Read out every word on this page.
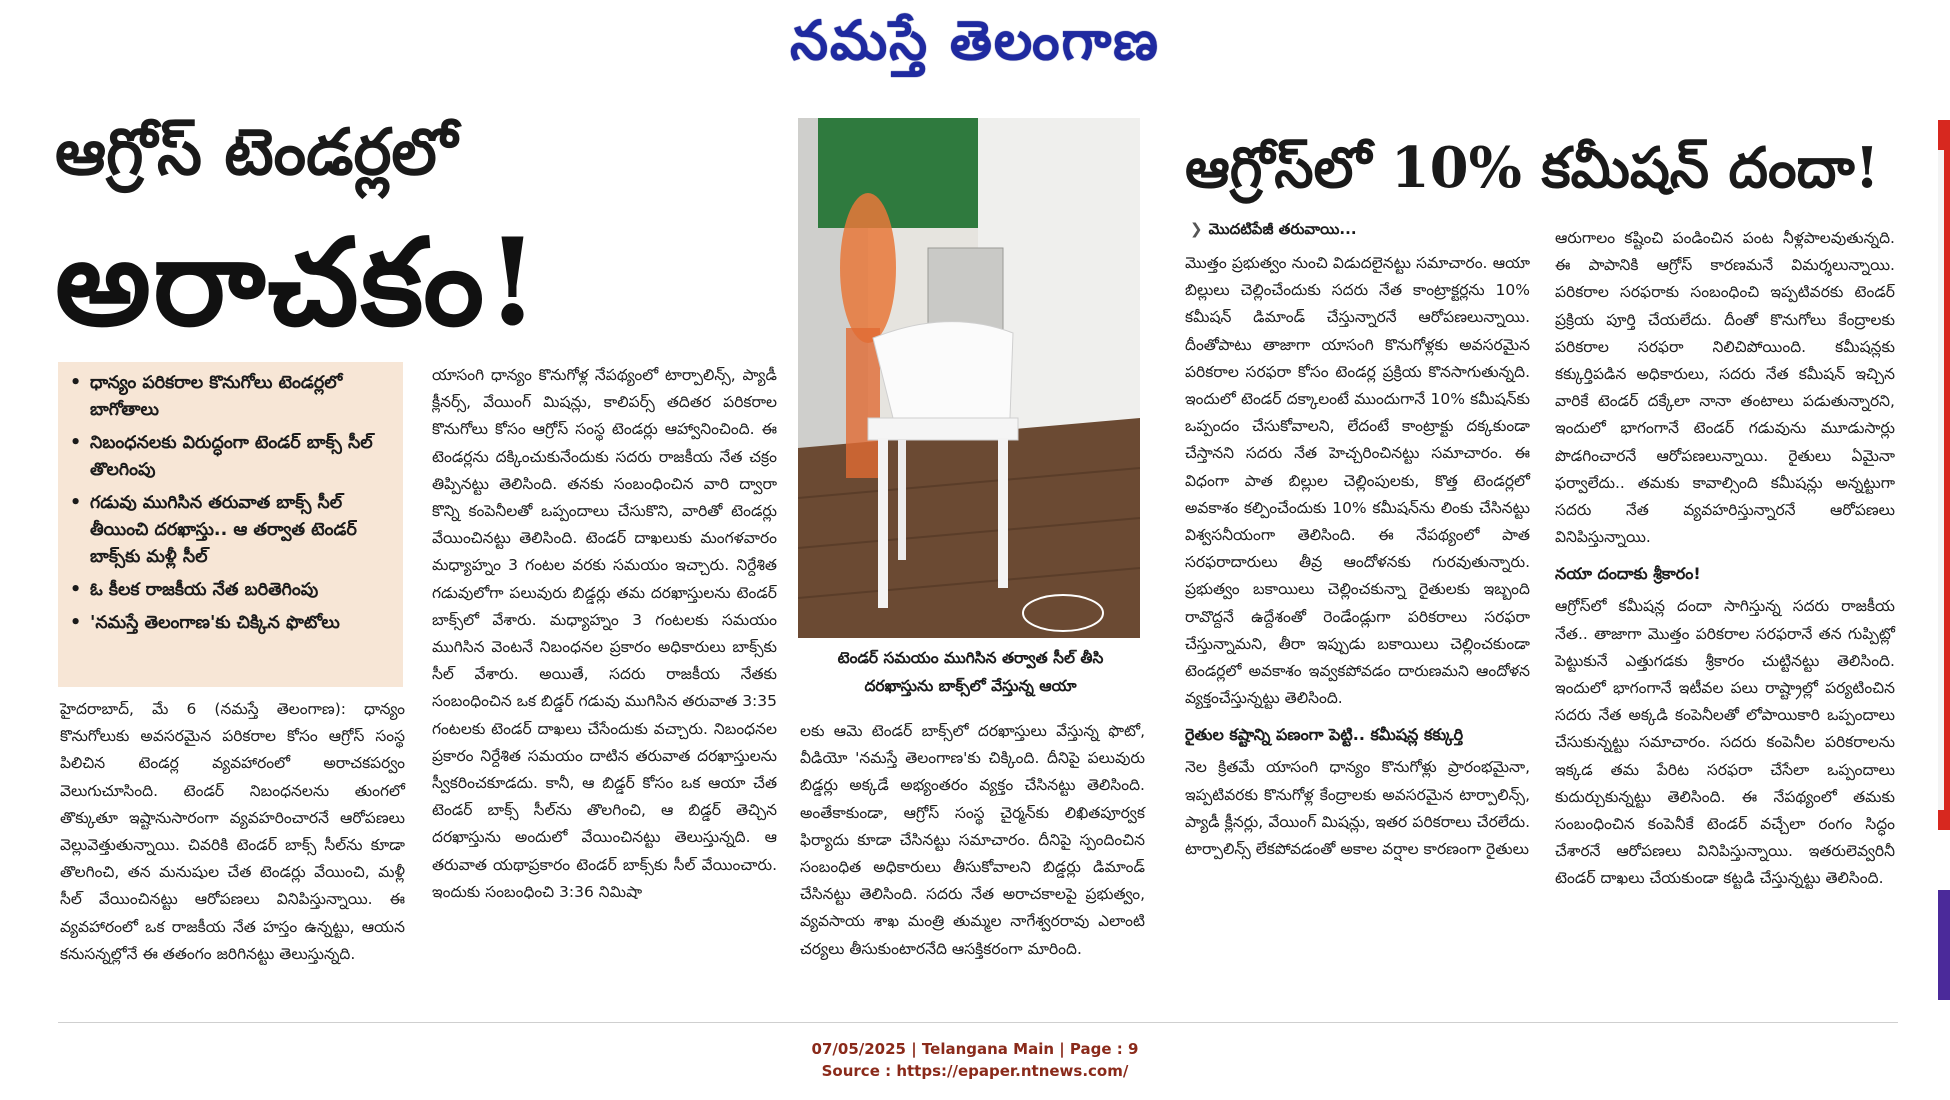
నమస్తే తెలంగాణ
ఆగ్రోస్ టెండర్లలో
అరాచకం!
• ధాన్యం పరికరాల కొనుగోలు టెండర్లలో బాగోతాలు
• నిబంధనలకు విరుద్ధంగా టెండర్ బాక్స్ సీల్ తొలగింపు
• గడువు ముగిసిన తరువాత బాక్స్ సీల్ తీయించి దరఖాస్తు.. ఆ తర్వాత టెండర్ బాక్స్‌కు మళ్లీ సీల్
• ఓ కీలక రాజకీయ నేత బరితెగింపు
• 'నమస్తే తెలంగాణ'కు చిక్కిన ఫొటోలు

హైదరాబాద్, మే 6 (నమస్తే తెలంగాణ): ధాన్యం కొనుగోలుకు అవసరమైన పరికరాల కోసం ఆగ్రోస్ సంస్థ పిలిచిన టెండర్ల వ్యవహారంలో అరాచకపర్వం వెలుగుచూసింది. టెండర్ నిబంధనలను తుంగలో తొక్కుతూ ఇష్టానుసారంగా వ్యవహరించారనే ఆరోపణలు వెల్లువెత్తుతున్నాయి. చివరికి టెండర్ బాక్స్ సీల్‌ను కూడా తొలగించి, తన మనుషుల చేత టెండర్లు వేయించి, మళ్లీ సీల్ వేయించినట్టు ఆరోపణలు వినిపిస్తున్నాయి. ఈ వ్యవహారంలో ఒక రాజకీయ నేత హస్తం ఉన్నట్టు, ఆయన కనుసన్నల్లోనే ఈ తతంగం జరిగినట్టు తెలుస్తున్నది.

యాసంగి ధాన్యం కొనుగోళ్ల నేపథ్యంలో టార్పాలిన్స్, ప్యాడీ క్లీనర్స్, వేయింగ్ మిషన్లు, కాలిపర్స్ తదితర పరికరాల కొనుగోలు కోసం ఆగ్రోస్ సంస్థ టెండర్లు ఆహ్వానించింది. ఈ టెండర్లను దక్కించుకునేందుకు సదరు రాజకీయ నేత చక్రం తిప్పినట్టు తెలిసింది. తనకు సంబంధించిన వారి ద్వారా కొన్ని కంపెనీలతో ఒప్పందాలు చేసుకొని, వారితో టెండర్లు వేయించినట్టు తెలిసింది. టెండర్ దాఖలుకు మంగళవారం మధ్యాహ్నం 3 గంటల వరకు సమయం ఇచ్చారు. నిర్దేశిత గడువులోగా పలువురు బిడ్డర్లు తమ దరఖాస్తులను టెండర్ బాక్స్‌లో వేశారు. మధ్యాహ్నం 3 గంటలకు సమయం ముగిసిన వెంటనే నిబంధనల ప్రకారం అధికారులు బాక్స్‌కు సీల్ వేశారు. అయితే, సదరు రాజకీయ నేతకు సంబంధించిన ఒక బిడ్డర్ గడువు ముగిసిన తరువాత 3:35 గంటలకు టెండర్ దాఖలు చేసేందుకు వచ్చారు. నిబంధనల ప్రకారం నిర్దేశిత సమయం దాటిన తరువాత దరఖాస్తులను స్వీకరించకూడదు. కానీ, ఆ బిడ్డర్ కోసం ఒక ఆయా చేత టెండర్ బాక్స్ సీల్‌ను తొలగించి, ఆ బిడ్డర్ తెచ్చిన దరఖాస్తును అందులో వేయించినట్టు తెలుస్తున్నది. ఆ తరువాత యథాప్రకారం టెండర్ బాక్స్‌కు సీల్ వేయించారు. ఇందుకు సంబంధించి 3:36 నిమిషా

టెండర్ సమయం ముగిసిన తర్వాత సీల్ తీసి దరఖాస్తును బాక్స్‌లో వేస్తున్న ఆయా

లకు ఆమె టెండర్ బాక్స్‌లో దరఖాస్తులు వేస్తున్న ఫొటో, వీడియో 'నమస్తే తెలంగాణ'కు చిక్కింది. దీనిపై పలువురు బిడ్డర్లు అక్కడే అభ్యంతరం వ్యక్తం చేసినట్టు తెలిసింది. అంతేకాకుండా, ఆగ్రోస్ సంస్థ చైర్మన్‌కు లిఖితపూర్వక ఫిర్యాదు కూడా చేసినట్టు సమాచారం. దీనిపై స్పందించిన సంబంధిత అధికారులు తీసుకోవాలని బిడ్డర్లు డిమాండ్ చేసినట్టు తెలిసింది. సదరు నేత అరాచకాలపై ప్రభుత్వం, వ్యవసాయ శాఖ మంత్రి తుమ్మల నాగేశ్వరరావు ఎలాంటి చర్యలు తీసుకుంటారనేది ఆసక్తికరంగా మారింది.

ఆగ్రోస్‌లో 10% కమీషన్ దందా!
❯ మొదటిపేజీ తరువాయి...

మొత్తం ప్రభుత్వం నుంచి విడుదలైనట్టు సమాచారం. ఆయా బిల్లులు చెల్లించేందుకు సదరు నేత కాంట్రాక్టర్లను 10% కమీషన్ డిమాండ్ చేస్తున్నారనే ఆరోపణలున్నాయి. దీంతోపాటు తాజాగా యాసంగి కొనుగోళ్లకు అవసరమైన పరికరాల సరఫరా కోసం టెండర్ల ప్రక్రియ కొనసాగుతున్నది. ఇందులో టెండర్ దక్కాలంటే ముందుగానే 10% కమీషన్‌కు ఒప్పందం చేసుకోవాలని, లేదంటే కాంట్రాక్టు దక్కకుండా చేస్తానని సదరు నేత హెచ్చరించినట్టు సమాచారం. ఈ విధంగా పాత బిల్లుల చెల్లింపులకు, కొత్త టెండర్లలో అవకాశం కల్పించేందుకు 10% కమీషన్‌ను లింకు చేసినట్టు విశ్వసనీయంగా తెలిసింది. ఈ నేపథ్యంలో పాత సరఫరాదారులు తీవ్ర ఆందోళనకు గురవుతున్నారు. ప్రభుత్వం బకాయిలు చెల్లించకున్నా రైతులకు ఇబ్బంది రావొద్దనే ఉద్దేశంతో రెండేండ్లుగా పరికరాలు సరఫరా చేస్తున్నామని, తీరా ఇప్పుడు బకాయిలు చెల్లించకుండా టెండర్లలో అవకాశం ఇవ్వకపోవడం దారుణమని ఆందోళన వ్యక్తంచేస్తున్నట్టు తెలిసింది.

రైతుల కష్టాన్ని పణంగా పెట్టి.. కమీషన్ల కక్కుర్తి

నెల క్రితమే యాసంగి ధాన్యం కొనుగోళ్లు ప్రారంభమైనా, ఇప్పటివరకు కొనుగోళ్ల కేంద్రాలకు అవసరమైన టార్పాలిన్స్, ప్యాడీ క్లీనర్లు, వేయింగ్ మిషన్లు, ఇతర పరికరాలు చేరలేదు. టార్పాలిన్స్ లేకపోవడంతో అకాల వర్షాల కారణంగా రైతులు

ఆరుగాలం కష్టించి పండించిన పంట నీళ్లపాలవుతున్నది. ఈ పాపానికి ఆగ్రోస్ కారణమనే విమర్శలున్నాయి. పరికరాల సరఫరాకు సంబంధించి ఇప్పటివరకు టెండర్ ప్రక్రియ పూర్తి చేయలేదు. దీంతో కొనుగోలు కేంద్రాలకు పరికరాల సరఫరా నిలిచిపోయింది. కమీషన్లకు కక్కుర్తిపడిన అధికారులు, సదరు నేత కమీషన్ ఇచ్చిన వారికే టెండర్ దక్కేలా నానా తంటాలు పడుతున్నారని, ఇందులో భాగంగానే టెండర్ గడువును మూడుసార్లు పొడగించారనే ఆరోపణలున్నాయి. రైతులు ఏమైనా ఫర్వాలేదు.. తమకు కావాల్సింది కమీషన్లు అన్నట్టుగా సదరు నేత వ్యవహరిస్తున్నారనే ఆరోపణలు వినిపిస్తున్నాయి.

నయా దందాకు శ్రీకారం!

ఆగ్రోస్‌లో కమీషన్ల దందా సాగిస్తున్న సదరు రాజకీయ నేత.. తాజాగా మొత్తం పరికరాల సరఫరానే తన గుప్పిట్లో పెట్టుకునే ఎత్తుగడకు శ్రీకారం చుట్టినట్టు తెలిసింది. ఇందులో భాగంగానే ఇటీవల పలు రాష్ట్రాల్లో పర్యటించిన సదరు నేత అక్కడి కంపెనీలతో లోపాయికారి ఒప్పందాలు చేసుకున్నట్టు సమాచారం. సదరు కంపెనీల పరికరాలను ఇక్కడ తమ పేరిట సరఫరా చేసేలా ఒప్పందాలు కుదుర్చుకున్నట్టు తెలిసింది. ఈ నేపథ్యంలో తమకు సంబంధించిన కంపెనీకే టెండర్ వచ్చేలా రంగం సిద్ధం చేశారనే ఆరోపణలు వినిపిస్తున్నాయి. ఇతరులెవ్వరినీ టెండర్ దాఖలు చేయకుండా కట్టడి చేస్తున్నట్టు తెలిసింది.

07/05/2025 | Telangana Main | Page : 9
Source : https://epaper.ntnews.com/
